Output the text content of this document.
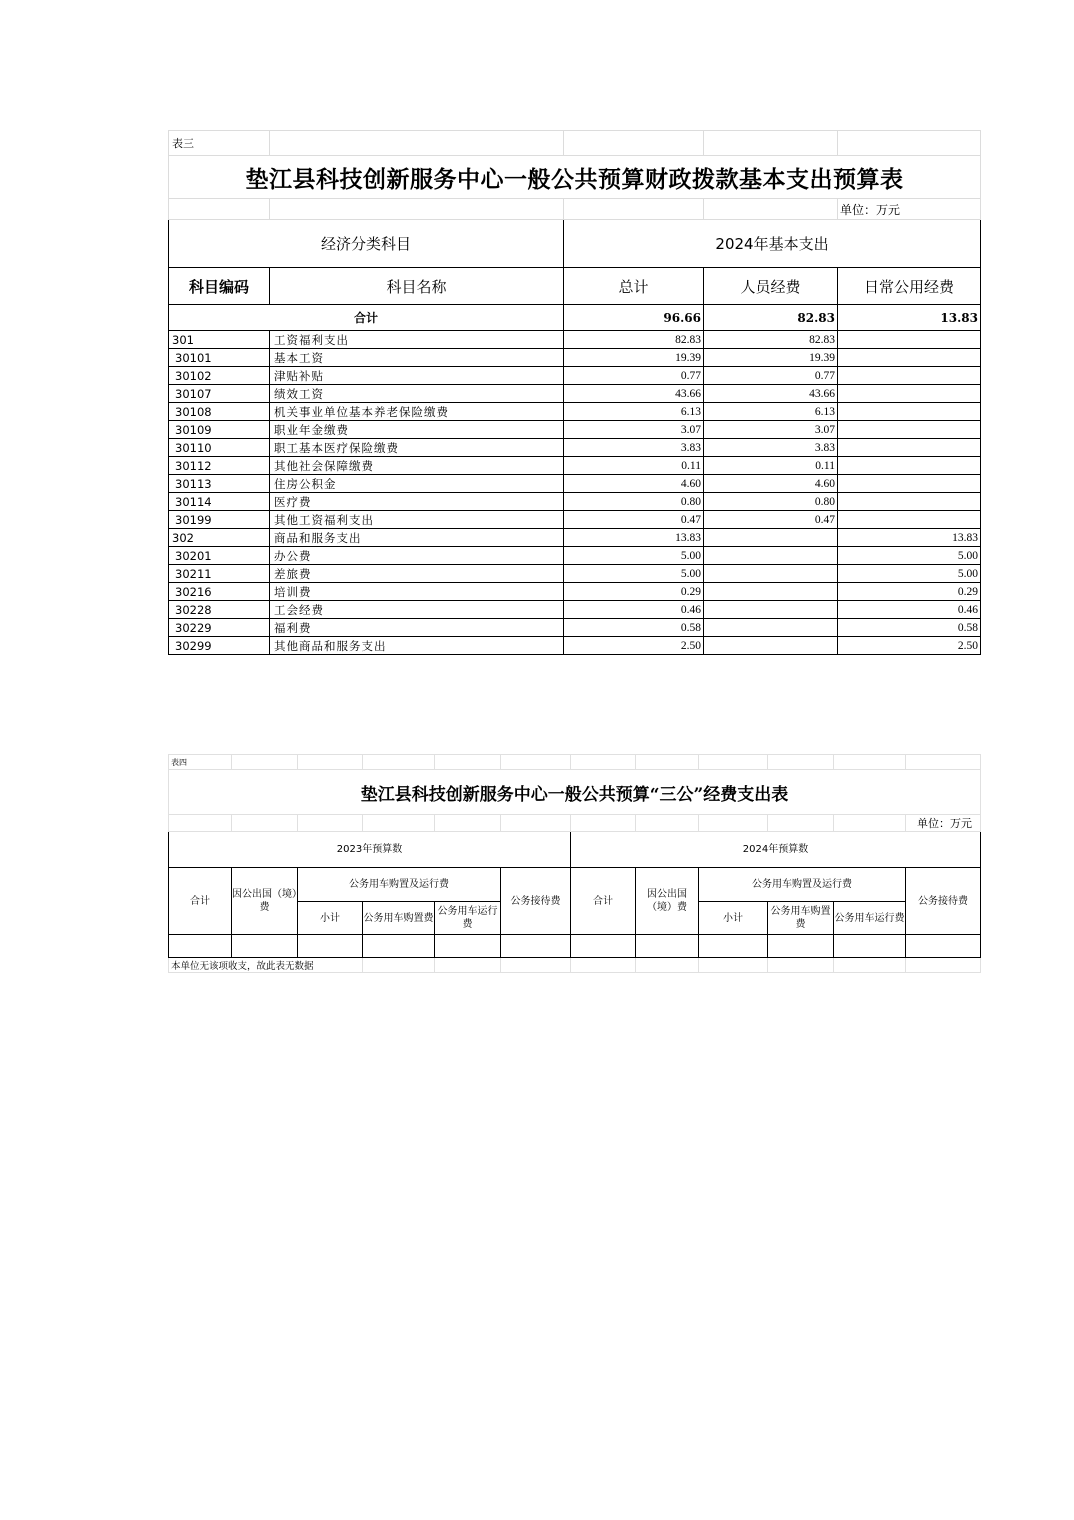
表三				
垫江县科技创新服务中心一般公共预算财政拨款基本支出预算表				
				单位：万元
经济分类科目		2024年基本支出		
科目编码	科目名称	总计	人员经费	日常公用经费
合计		96.66	82.83	13.83
301	工资福利支出	82.83	82.83	
30101	基本工资	19.39	19.39	
30102	津贴补贴	0.77	0.77	
30107	绩效工资	43.66	43.66	
30108	机关事业单位基本养老保险缴费	6.13	6.13	
30109	职业年金缴费	3.07	3.07	
30110	职工基本医疗保险缴费	3.83	3.83	
30112	其他社会保障缴费	0.11	0.11	
30113	住房公积金	4.60	4.60	
30114	医疗费	0.80	0.80	
30199	其他工资福利支出	0.47	0.47	
302	商品和服务支出	13.83		13.83
30201	办公费	5.00		5.00
30211	差旅费	5.00		5.00
30216	培训费	0.29		0.29
30228	工会经费	0.46		0.46
30229	福利费	0.58		0.58
30299	其他商品和服务支出	2.50		2.50
表四											
垫江县科技创新服务中心一般公共预算“三公”经费支出表											
											单位：万元
2023年预算数						2024年预算数					
合计	因公出国（境）费	公务用车购置及运行费			公务接待费	合计	因公出国（境）费	公务用车购置及运行费			公务接待费
		小计	公务用车购置费	公务用车运行费				小计	公务用车购置费	公务用车运行费	

本单位无该项收支，故此表无数据											
